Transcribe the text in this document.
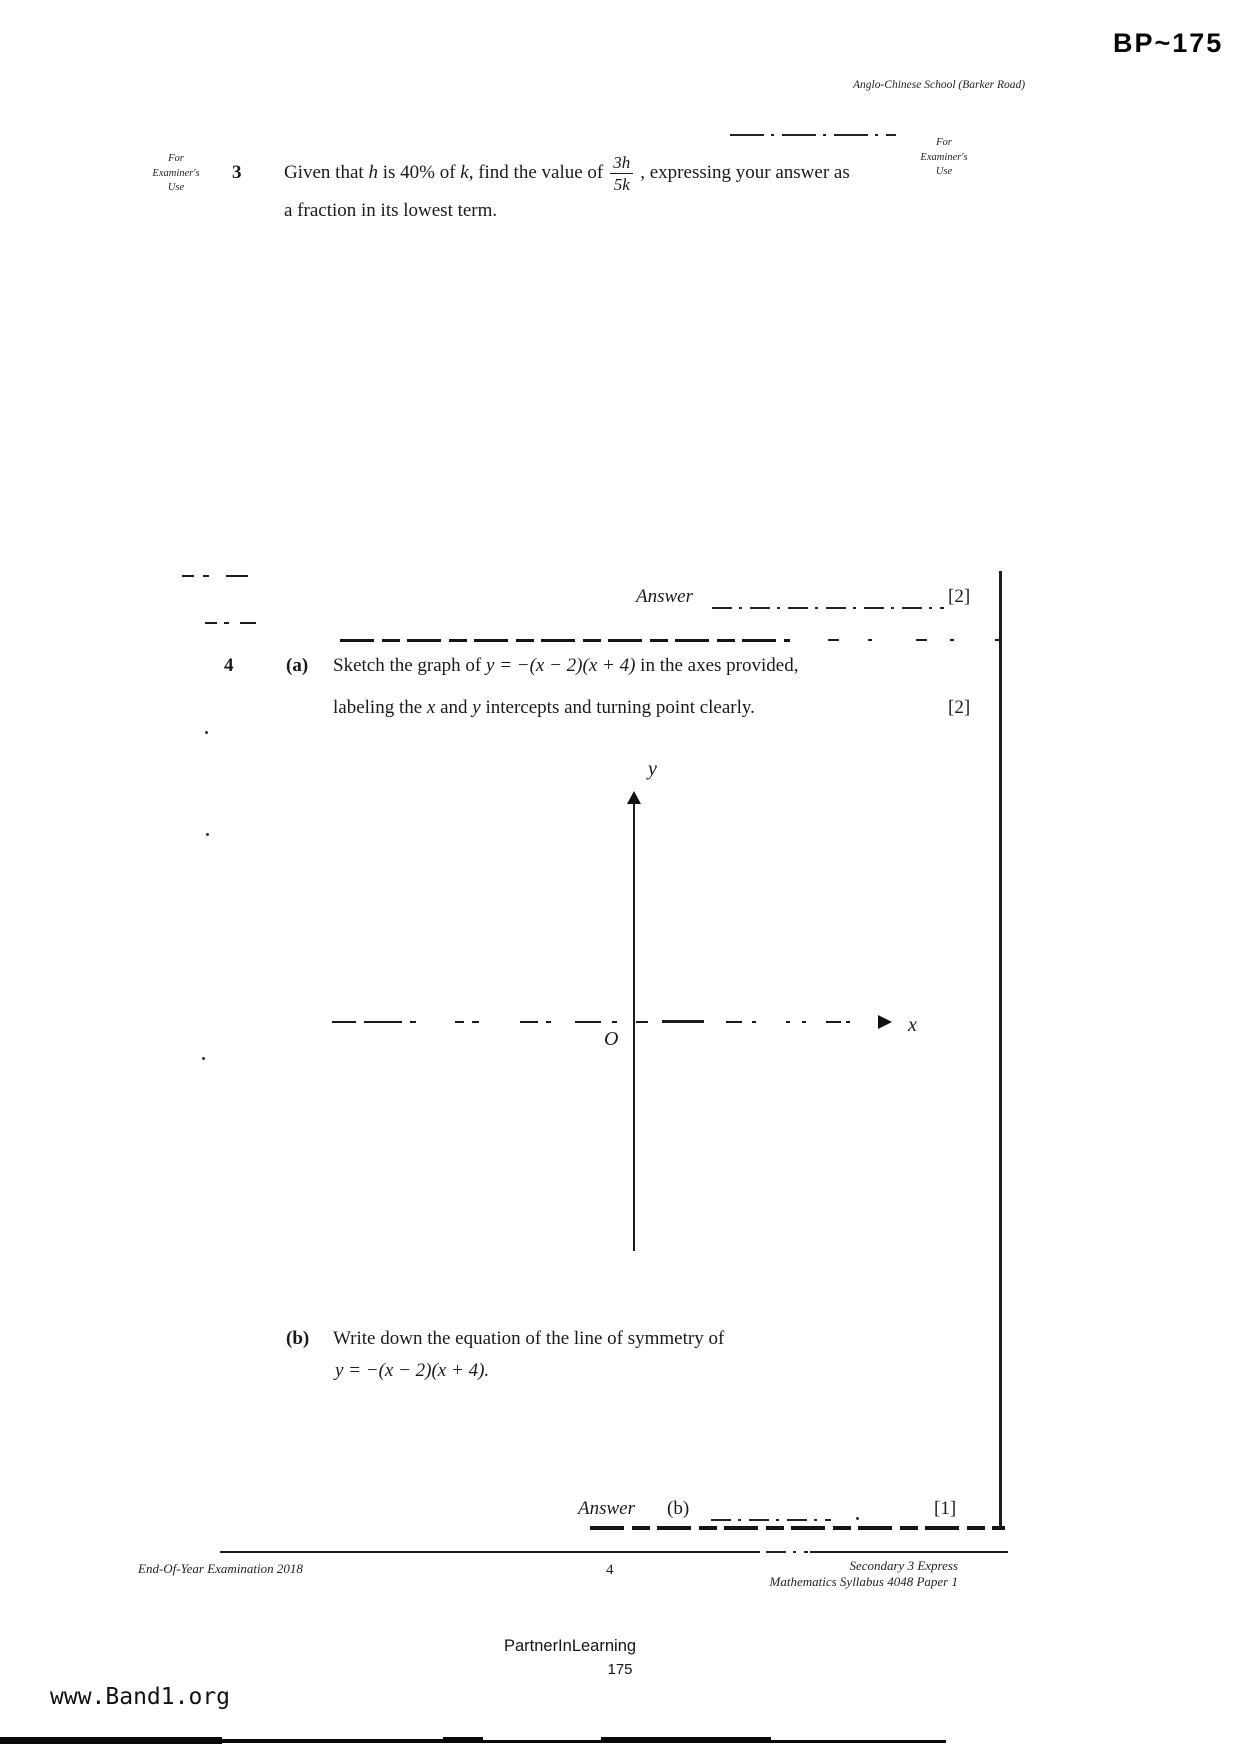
BP~175
Anglo-Chinese School (Barker Road)
For
Examiner's
Use
For
Examiner's
Use
3 Given that h is 40% of k, find the value of $\frac{3h}{5k}$ , expressing your answer as
a fraction in its lowest term.
Answer	[2]
4	(a) Sketch the graph of y = −(x − 2)(x + 4) in the axes provided,
labeling the x and y intercepts and turning point clearly.	[2]
y
x
O
(b) Write down the equation of the line of symmetry of
y = −(x − 2)(x + 4).
Answer (b)	[1]
End-Of-Year Examination 2018	4	Secondary 3 Express
Mathematics Syllabus 4048 Paper 1
PartnerInLearning
175
www.Band1.org
